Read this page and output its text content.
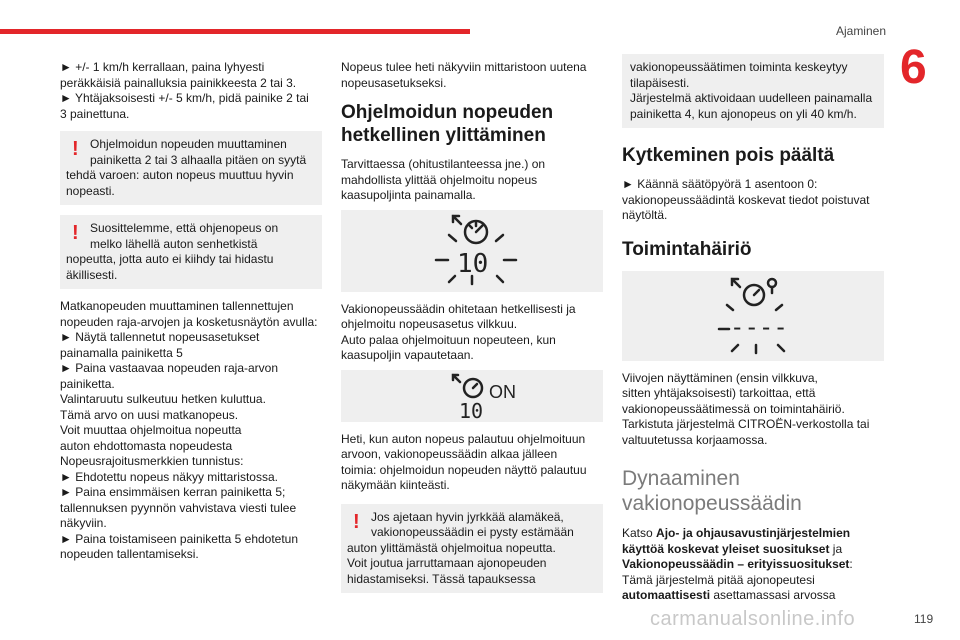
Ajaminen
6
► +/- 1 km/h kerrallaan, paina lyhyesti
peräkkäisiä painalluksia painikkeesta 2 tai 3.
► Yhtäjaksoisesti +/- 5 km/h, pidä painike 2 tai
3 painettuna.
! Ohjelmoidun nopeuden muuttaminen
painiketta 2 tai 3 alhaalla pitäen on syytä
tehdä varoen: auton nopeus muuttuu hyvin
nopeasti.
! Suosittelemme, että ohjenopeus on
melko lähellä auton senhetkistä
nopeutta, jotta auto ei kiihdy tai hidastu
äkillisesti.
Matkanopeuden muuttaminen tallennettujen
nopeuden raja-arvojen ja kosketusnäytön avulla:
► Näytä tallennetut nopeusasetukset
painamalla painiketta 5
► Paina vastaavaa nopeuden raja-arvon
painiketta.
Valintaruutu sulkeutuu hetken kuluttua.
Tämä arvo on uusi matkanopeus.
Voit muuttaa ohjelmoitua nopeutta
auton ehdottomasta nopeudesta
Nopeusrajoitusmerkkien tunnistus:
► Ehdotettu nopeus näkyy mittaristossa.
► Paina ensimmäisen kerran painiketta 5;
tallennuksen pyynnön vahvistava viesti tulee
näkyviin.
► Paina toistamiseen painiketta 5 ehdotetun
nopeuden tallentamiseksi.
Nopeus tulee heti näkyviin mittaristoon uutena
nopeusasetukseksi.
Ohjelmoidun nopeuden
hetkellinen ylittäminen
Tarvittaessa (ohitustilanteessa jne.) on
mahdollista ylittää ohjelmoitu nopeus
kaasupoljinta painamalla.
10
Vakionopeussäädin ohitetaan hetkellisesti ja
ohjelmoitu nopeusasetus vilkkuu.
Auto palaa ohjelmoituun nopeuteen, kun
kaasupoljin vapautetaan.
ON
10
Heti, kun auton nopeus palautuu ohjelmoituun
arvoon, vakionopeussäädin alkaa jälleen
toimia: ohjelmoidun nopeuden näyttö palautuu
näkymään kiinteästi.
! Jos ajetaan hyvin jyrkkää alamäkeä,
vakionopeussäädin ei pysty estämään
auton ylittämästä ohjelmoitua nopeutta.
Voit joutua jarruttamaan ajonopeuden
hidastamiseksi. Tässä tapauksessa
vakionopeussäätimen toiminta keskeytyy
tilapäisesti.
Järjestelmä aktivoidaan uudelleen painamalla
painiketta 4, kun ajonopeus on yli 40 km/h.
Kytkeminen pois päältä
► Käännä säätöpyörä 1 asentoon 0:
vakionopeussäädintä koskevat tiedot poistuvat
näytöltä.
Toimintahäiriö
----
Viivojen näyttäminen (ensin vilkkuva,
sitten yhtäjaksoisesti) tarkoittaa, että
vakionopeussäätimessä on toimintahäiriö.
Tarkistuta järjestelmä CITROËN-verkostolla tai
valtuutetussa korjaamossa.
Dynaaminen
vakionopeussäädin
Katso Ajo- ja ohjausavustinjärjestelmien
käyttöä koskevat yleiset suositukset ja
Vakionopeussäädin – erityissuositukset:
Tämä järjestelmä pitää ajonopeutesi
automaattisesti asettamassasi arvossa
carmanualsonline.info	119
